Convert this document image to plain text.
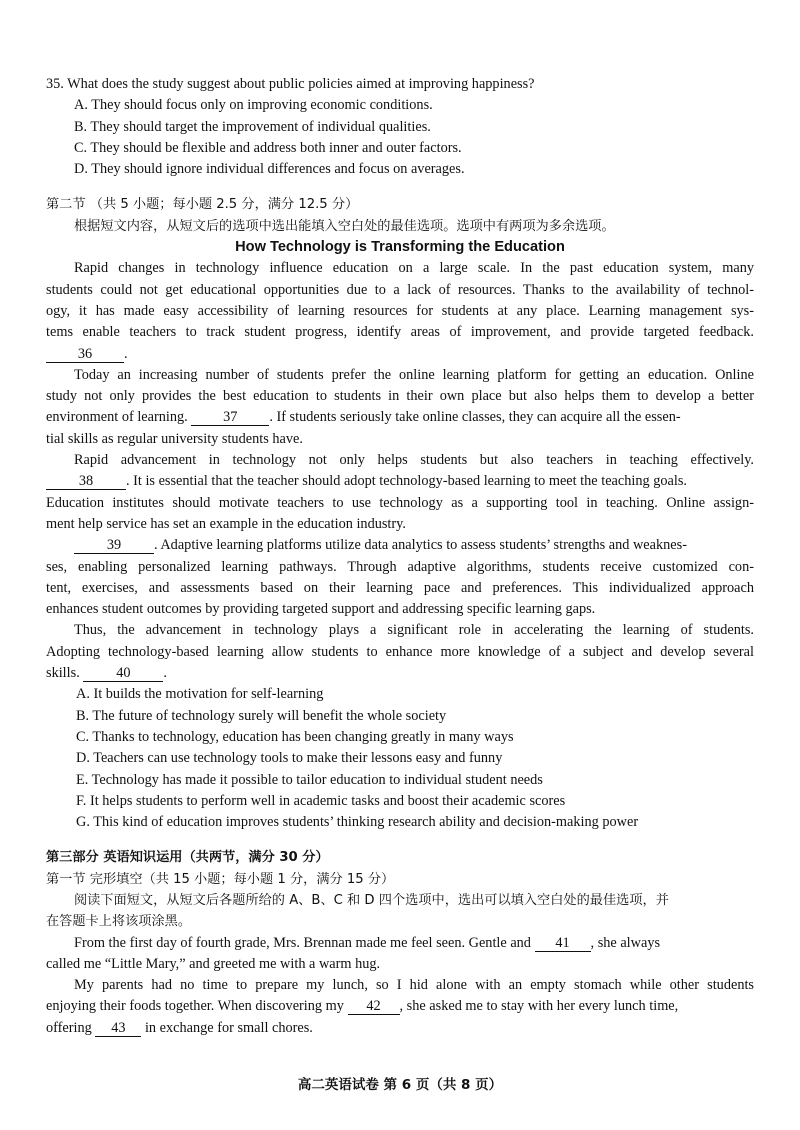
35. What does the study suggest about public policies aimed at improving happiness?
A. They should focus only on improving economic conditions.
B. They should target the improvement of individual qualities.
C. They should be flexible and address both inner and outer factors.
D. They should ignore individual differences and focus on averages.
第二节 （共 5 小题；每小题 2.5 分，满分 12.5 分）
根据短文内容，从短文后的选项中选出能填入空白处的最佳选项。选项中有两项为多余选项。
How Technology is Transforming the Education
Rapid changes in technology influence education on a large scale. In the past education system, many
students could not get educational opportunities due to a lack of resources. Thanks to the availability of technol-
ogy, it has made easy accessibility of learning resources for students at any place. Learning management sys-
tems enable teachers to track student progress, identify areas of improvement, and provide targeted feedback.
36 .
Today an increasing number of students prefer the online learning platform for getting an education. Online
study not only provides the best education to students in their own place but also helps them to develop a better
environment of learning. 37 . If students seriously take online classes, they can acquire all the essen-
tial skills as regular university students have.
Rapid advancement in technology not only helps students but also teachers in teaching effectively.
38 . It is essential that the teacher should adopt technology-based learning to meet the teaching goals.
Education institutes should motivate teachers to use technology as a supporting tool in teaching. Online assign-
ment help service has set an example in the education industry.
39 . Adaptive learning platforms utilize data analytics to assess students’ strengths and weaknes-
ses, enabling personalized learning pathways. Through adaptive algorithms, students receive customized con-
tent, exercises, and assessments based on their learning pace and preferences. This individualized approach
enhances student outcomes by providing targeted support and addressing specific learning gaps.
Thus, the advancement in technology plays a significant role in accelerating the learning of students.
Adopting technology-based learning allow students to enhance more knowledge of a subject and develop several
skills.	40 .
A. It builds the motivation for self-learning
B. The future of technology surely will benefit the whole society
C. Thanks to technology, education has been changing greatly in many ways
D. Teachers can use technology tools to make their lessons easy and funny
E. Technology has made it possible to tailor education to individual student needs
F. It helps students to perform well in academic tasks and boost their academic scores
G. This kind of education improves students’ thinking research ability and decision-making power
第三部分 英语知识运用（共两节，满分 30 分）
第一节 完形填空（共 15 小题；每小题 1 分，满分 15 分）
阅读下面短文，从短文后各题所给的 A、B、C 和 D 四个选项中，选出可以填入空白处的最佳选项，并
在答题卡上将该项涂黑。
From the first day of fourth grade, Mrs. Brennan made me feel seen. Gentle and 41 , she always
called me “Little Mary,” and greeted me with a warm hug.
My parents had no time to prepare my lunch, so I hid alone with an empty stomach while other students
enjoying their foods together. When discovering my 42 , she asked me to stay with her every lunch time,
offering 43 in exchange for small chores.
高二英语试卷 第 6 页（共 8 页）
